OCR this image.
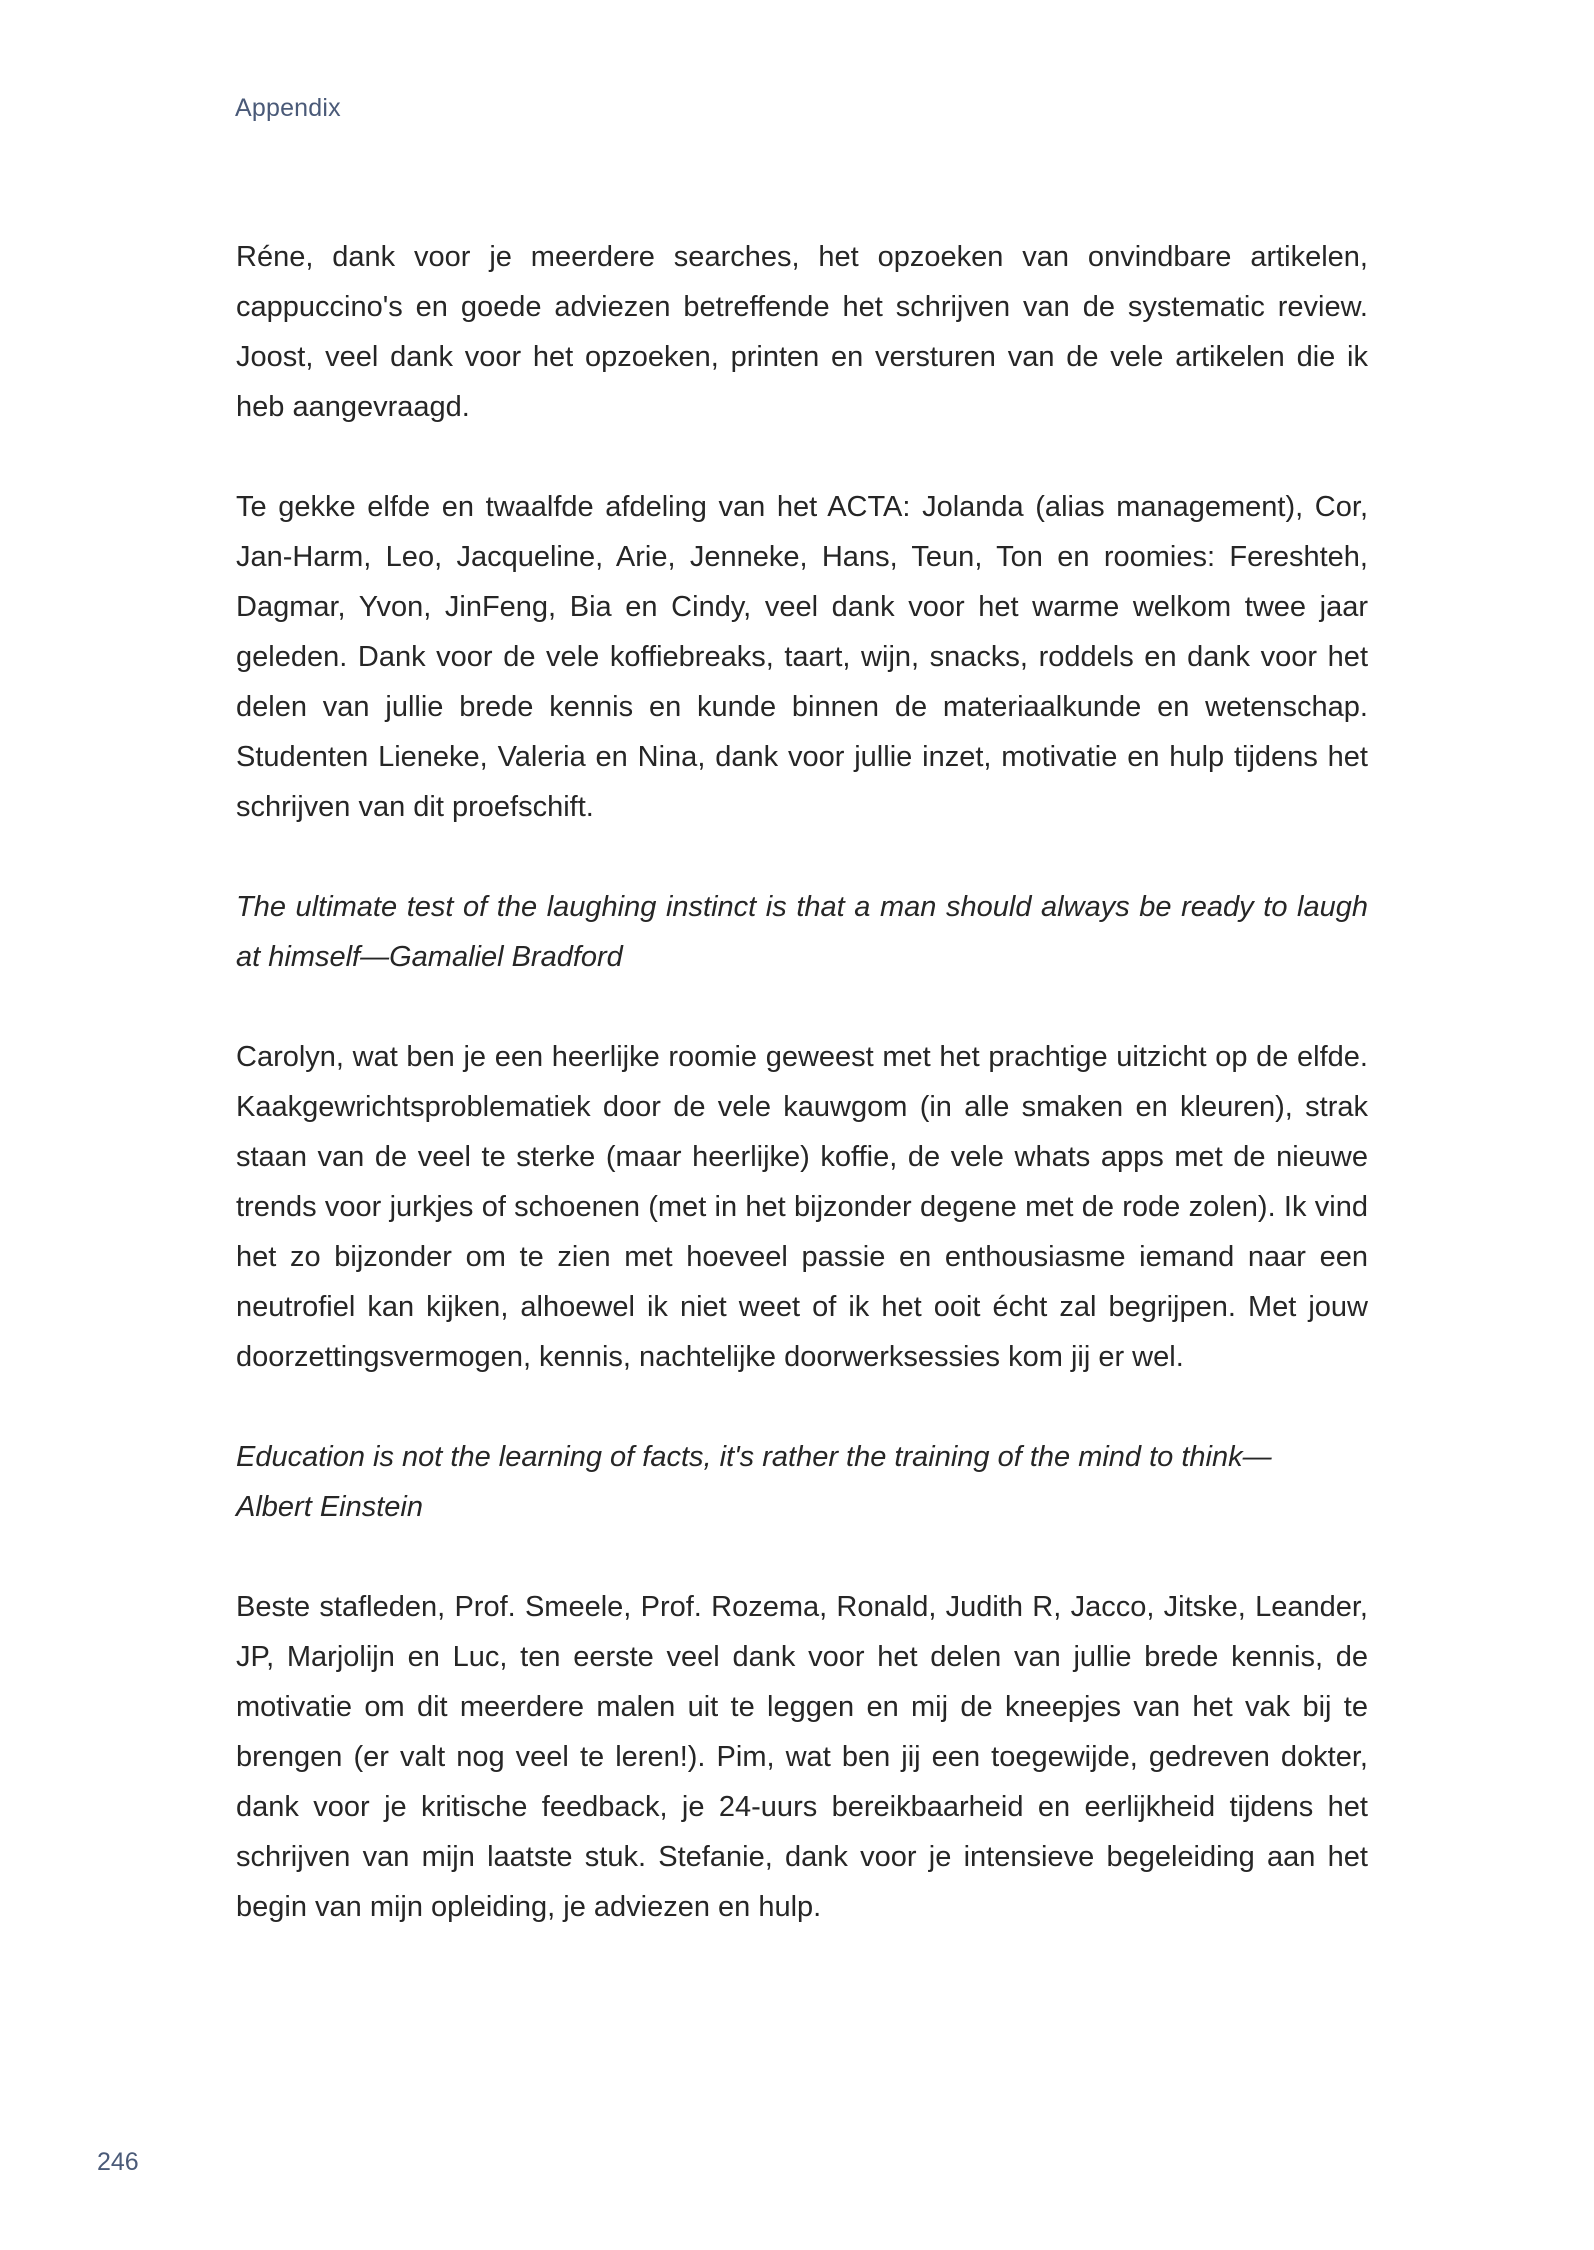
Appendix

Réne, dank voor je meerdere searches, het opzoeken van onvindbare artikelen, cappuccino's en goede adviezen betreffende het schrijven van de systematic review. Joost, veel dank voor het opzoeken, printen en versturen van de vele artikelen die ik heb aangevraagd.

Te gekke elfde en twaalfde afdeling van het ACTA: Jolanda (alias management), Cor, Jan-Harm, Leo, Jacqueline, Arie, Jenneke, Hans, Teun, Ton en roomies: Fereshteh, Dagmar, Yvon, JinFeng, Bia en Cindy, veel dank voor het warme welkom twee jaar geleden. Dank voor de vele koffiebreaks, taart, wijn, snacks, roddels en dank voor het delen van jullie brede kennis en kunde binnen de materiaalkunde en wetenschap. Studenten Lieneke, Valeria en Nina, dank voor jullie inzet, motivatie en hulp tijdens het schrijven van dit proefschift.

The ultimate test of the laughing instinct is that a man should always be ready to laugh at himself—Gamaliel Bradford

Carolyn, wat ben je een heerlijke roomie geweest met het prachtige uitzicht op de elfde. Kaakgewrichtsproblematiek door de vele kauwgom (in alle smaken en kleuren), strak staan van de veel te sterke (maar heerlijke) koffie, de vele whats apps met de nieuwe trends voor jurkjes of schoenen (met in het bijzonder degene met de rode zolen). Ik vind het zo bijzonder om te zien met hoeveel passie en enthousiasme iemand naar een neutrofiel kan kijken, alhoewel ik niet weet of ik het ooit écht zal begrijpen. Met jouw doorzettingsvermogen, kennis, nachtelijke doorwerksessies kom jij er wel.

Education is not the learning of facts, it's rather the training of the mind to think—
Albert Einstein

Beste stafleden, Prof. Smeele, Prof. Rozema, Ronald, Judith R, Jacco, Jitske, Leander, JP, Marjolijn en Luc, ten eerste veel dank voor het delen van jullie brede kennis, de motivatie om dit meerdere malen uit te leggen en mij de kneepjes van het vak bij te brengen (er valt nog veel te leren!). Pim, wat ben jij een toegewijde, gedreven dokter, dank voor je kritische feedback, je 24-uurs bereikbaarheid en eerlijkheid tijdens het schrijven van mijn laatste stuk. Stefanie, dank voor je intensieve begeleiding aan het begin van mijn opleiding, je adviezen en hulp.

246
